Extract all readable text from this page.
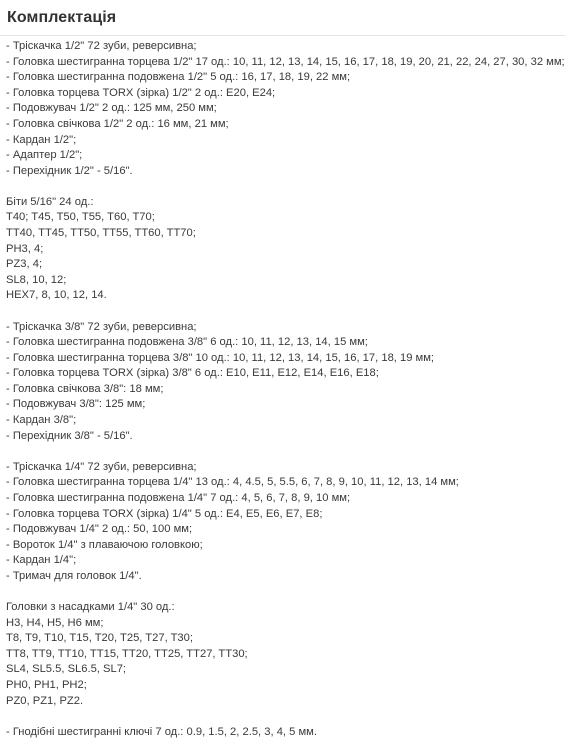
Комплектація
- Тріскачка 1/2" 72 зуби, реверсивна;
- Головка шестигранна торцева 1/2" 17 од.: 10, 11, 12, 13, 14, 15, 16, 17, 18, 19, 20, 21, 22, 24, 27, 30, 32 мм;
- Головка шестигранна подовжена 1/2" 5 од.: 16, 17, 18, 19, 22 мм;
- Головка торцева TORX (зірка) 1/2" 2 од.: E20, E24;
- Подовжувач 1/2" 2 од.: 125 мм, 250 мм;
- Головка свічкова 1/2" 2 од.: 16 мм, 21 мм;
- Кардан 1/2";
- Адаптер 1/2";
- Перехідник 1/2" - 5/16".
Біти 5/16" 24 од.:
T40; T45, T50, T55, T60, T70;
TT40, TT45, TT50, TT55, TT60, TT70;
PH3, 4;
PZ3, 4;
SL8, 10, 12;
HEX7, 8, 10, 12, 14.
- Тріскачка 3/8" 72 зуби, реверсивна;
- Головка шестигранна подовжена 3/8" 6 од.: 10, 11, 12, 13, 14, 15 мм;
- Головка шестигранна торцева 3/8" 10 од.: 10, 11, 12, 13, 14, 15, 16, 17, 18, 19 мм;
- Головка торцева TORX (зірка) 3/8" 6 од.: E10, E11, E12, E14, E16, E18;
- Головка свічкова 3/8": 18 мм;
- Подовжувач 3/8": 125 мм;
- Кардан 3/8";
- Перехідник 3/8" - 5/16".
- Тріскачка 1/4" 72 зуби, реверсивна;
- Головка шестигранна торцева 1/4" 13 од.: 4, 4.5, 5, 5.5, 6, 7, 8, 9, 10, 11, 12, 13, 14 мм;
- Головка шестигранна подовжена 1/4" 7 од.: 4, 5, 6, 7, 8, 9, 10 мм;
- Головка торцева TORX (зірка) 1/4" 5 од.: E4, E5, E6, E7, E8;
- Подовжувач 1/4" 2 од.: 50, 100 мм;
- Вороток 1/4" з плаваючою головкою;
- Кардан 1/4";
- Тримач для головок 1/4".
Головки з насадками 1/4" 30 од.:
H3, H4, H5, H6 мм;
T8, T9, T10, T15, T20, T25, T27, T30;
TT8, TT9, TT10, TT15, TT20, TT25, TT27, TT30;
SL4, SL5.5, SL6.5, SL7;
PH0, PH1, PH2;
PZ0, PZ1, PZ2.
- Гнодібні шестигранні ключі 7 од.: 0.9, 1.5, 2, 2.5, 3, 4, 5 мм.
